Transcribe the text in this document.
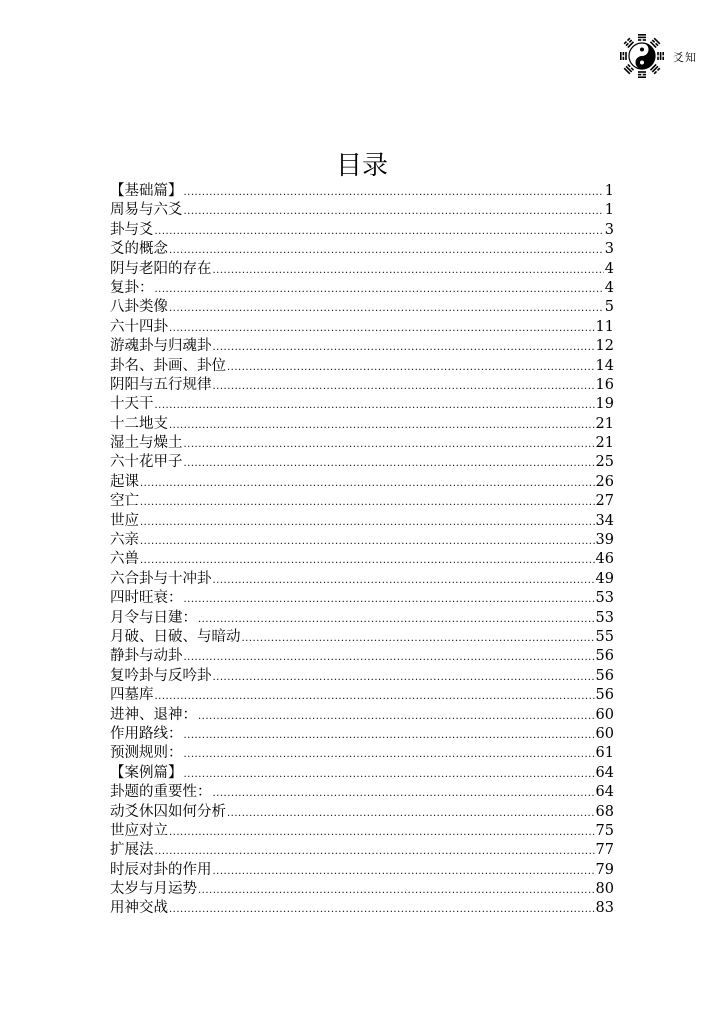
爻知
目录
【基础篇】 .....	1
周易与六爻 .....	1
卦与爻 .....	3
爻的概念 .....	3
阴与老阳的存在 .....	4
复卦： .....	4
八卦类像 .....	5
六十四卦 .....	11
游魂卦与归魂卦 .....	12
卦名、卦画、卦位 .....	14
阴阳与五行规律 .....	16
十天干 .....	19
十二地支 .....	21
湿土与燥土 .....	21
六十花甲子 .....	25
起课 .....	26
空亡 .....	27
世应 .....	34
六亲 .....	39
六兽 .....	46
六合卦与十冲卦 .....	49
四时旺衰： .....	53
月令与日建： .....	53
月破、日破、与暗动 .....	55
静卦与动卦 .....	56
复吟卦与反吟卦 .....	56
四墓库 .....	56
进神、退神： .....	60
作用路线： .....	60
预测规则： .....	61
【案例篇】 .....	64
卦题的重要性： .....	64
动爻休囚如何分析 .....	68
世应对立 .....	75
扩展法 .....	77
时辰对卦的作用 .....	79
太岁与月运势 .....	80
用神交战 .....	83
